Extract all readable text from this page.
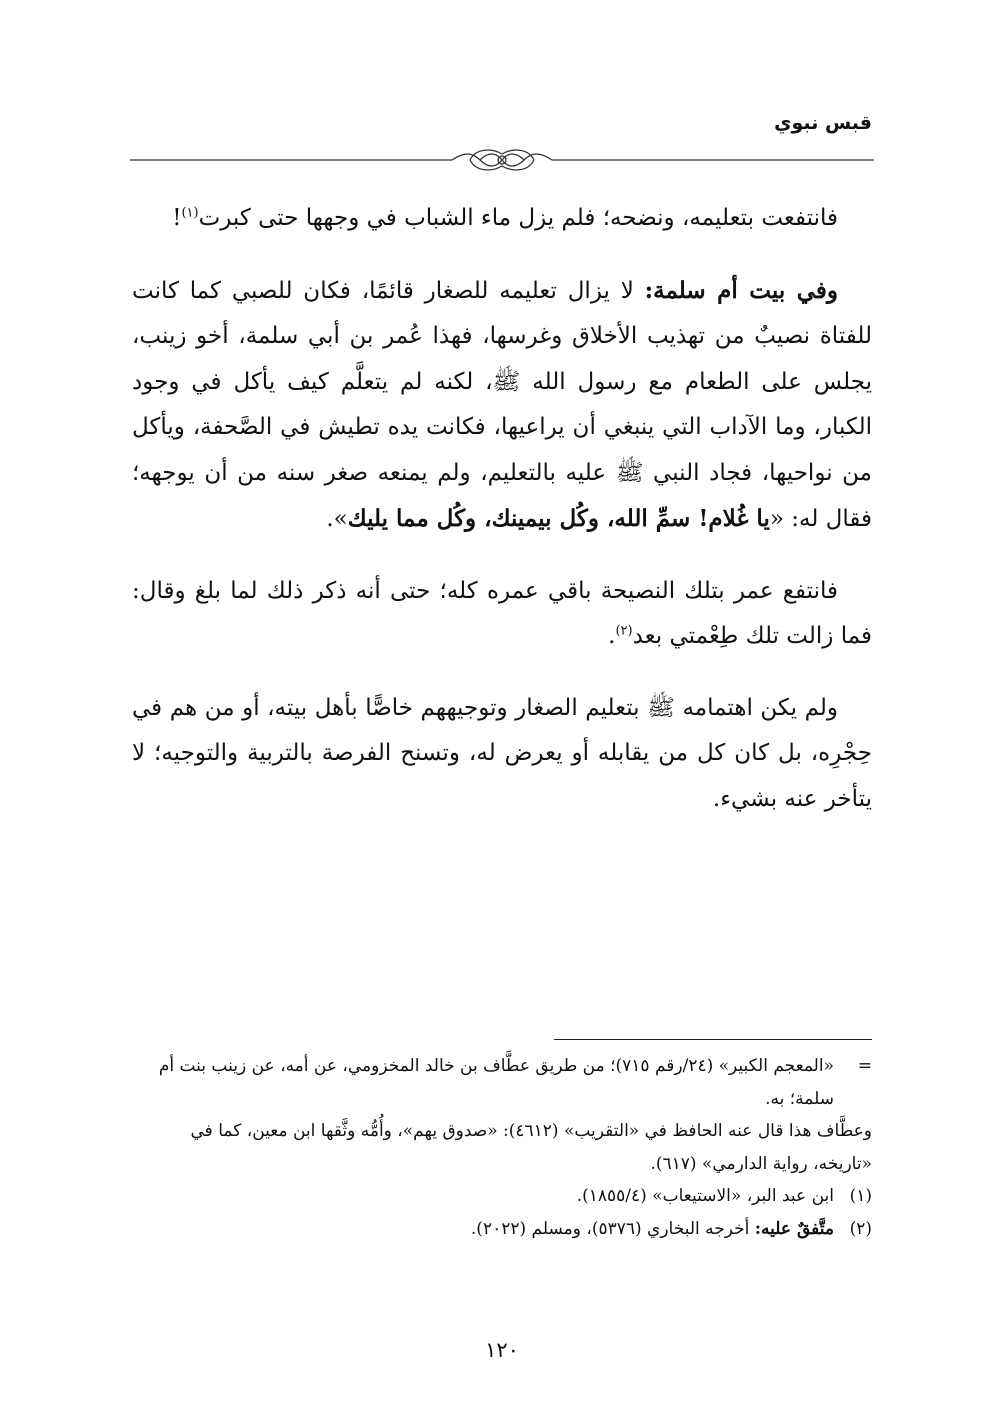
قبس نبوي

فانتفعت بتعليمه، ونضحه؛ فلم يزل ماء الشباب في وجهها حتى كبرت$^{(١)}$!

وفي بيت أم سلمة: لا يزال تعليمه للصغار قائمًا، فكان للصبي كما كانت للفتاة نصيبٌ من تهذيب الأخلاق وغرسها، فهذا عُمر بن أبي سلمة، أخو زينب، يجلس على الطعام مع رسول الله ﷺ، لكنه لم يتعلَّم كيف يأكل في وجود الكبار، وما الآداب التي ينبغي أن يراعيها، فكانت يده تطيش في الصَّحفة، ويأكل من نواحيها، فجاد النبي ﷺ عليه بالتعليم، ولم يمنعه صغر سنه من أن يوجهه؛ فقال له: «يا غُلام! سمِّ الله، وكُل بيمينك، وكُل مما يليك».

فانتفع عمر بتلك النصيحة باقي عمره كله؛ حتى أنه ذكر ذلك لما بلغ وقال: فما زالت تلك طِعْمتي بعد$^{(٢)}$.

ولم يكن اهتمامه ﷺ بتعليم الصغار وتوجيههم خاصًّا بأهل بيته، أو من هم في حِجْرِه، بل كان كل من يقابله أو يعرض له، وتسنح الفرصة بالتربية والتوجيه؛ لا يتأخر عنه بشيء.

=
«المعجم الكبير» (٢٤/رقم ٧١٥)؛ من طريق عطَّاف بن خالد المخزومي، عن أمه، عن زينب بنت أم سلمة؛ به.
وعطَّاف هذا قال عنه الحافظ في «التقريب» (٤٦١٢): «صدوق يهم»، وأُمُّه وثَّقها ابن معين، كما في «تاريخه، رواية الدارمي» (٦١٧).
(١)
ابن عبد البر، «الاستيعاب» (١٨٥٥/٤).
(٢)
متَّفقٌ عليه: أخرجه البخاري (٥٣٧٦)، ومسلم (٢٠٢٢).
١٢٠
